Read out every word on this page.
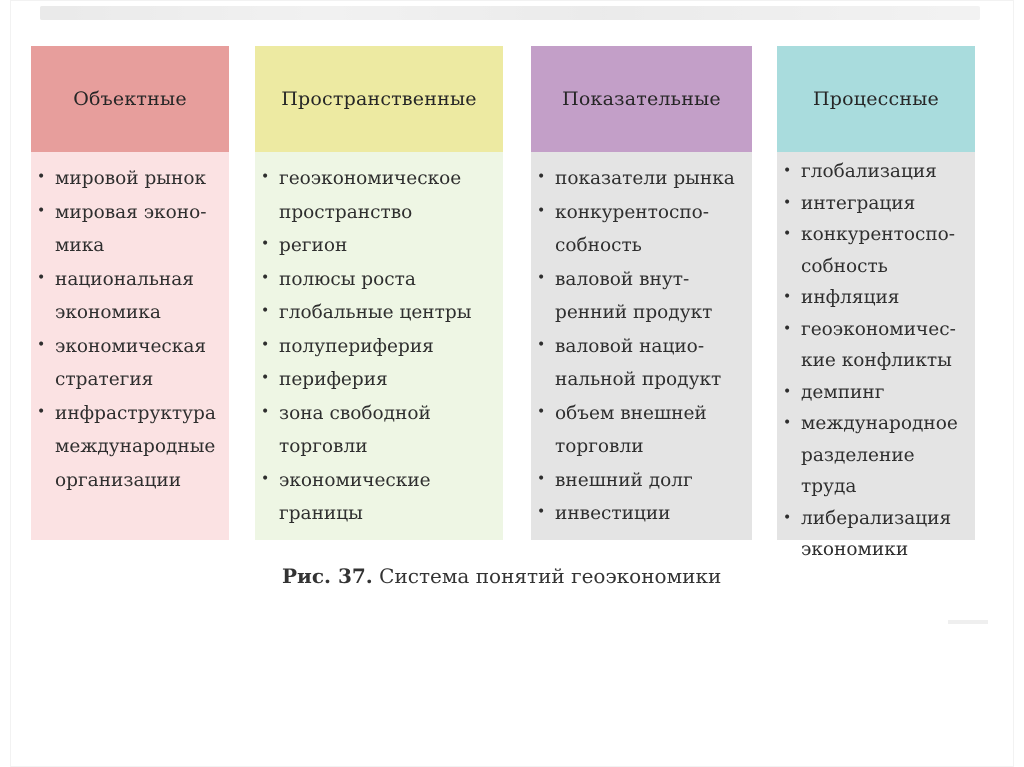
Объектные
• мировой рынок
• мировая эконо-
мика
• национальная
экономика
• экономическая
стратегия
• инфраструктура
международные
организации
Пространственные
• геоэкономическое
пространство
• регион
• полюсы роста
• глобальные центры
• полупериферия
• периферия
• зона свободной
торговли
• экономические
границы
Показательные
• показатели рынка
• конкурентоспо-
собность
• валовой внут-
ренний продукт
• валовой нацио-
нальной продукт
• объем внешней
торговли
• внешний долг
• инвестиции
Процессные
• глобализация
• интеграция
• конкурентоспо-
собность
• инфляция
• геоэкономичес-
кие конфликты
• демпинг
• международное
разделение труда
• либерализация
экономики
Рис. 37. Система понятий геоэкономики
